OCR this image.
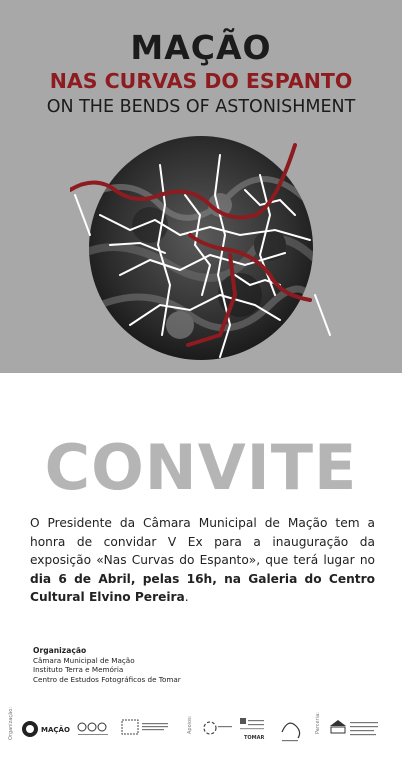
MAÇÃO
NAS CURVAS DO ESPANTO
ON THE BENDS OF ASTONISHMENT
CONVITE
O Presidente da Câmara Municipal de Mação tem a honra de convidar V Ex para a inauguração da exposição «Nas Curvas do Espanto», que terá lugar no dia 6 de Abril, pelas 16h, na Galeria do Centro Cultural Elvino Pereira.
Organização
Câmara Municipal de Mação
Instituto Terra e Memória
Centro de Estudos Fotográficos de Tomar
Organização:	Apoios:	Parceria:
MAÇÃO
TOMAR
